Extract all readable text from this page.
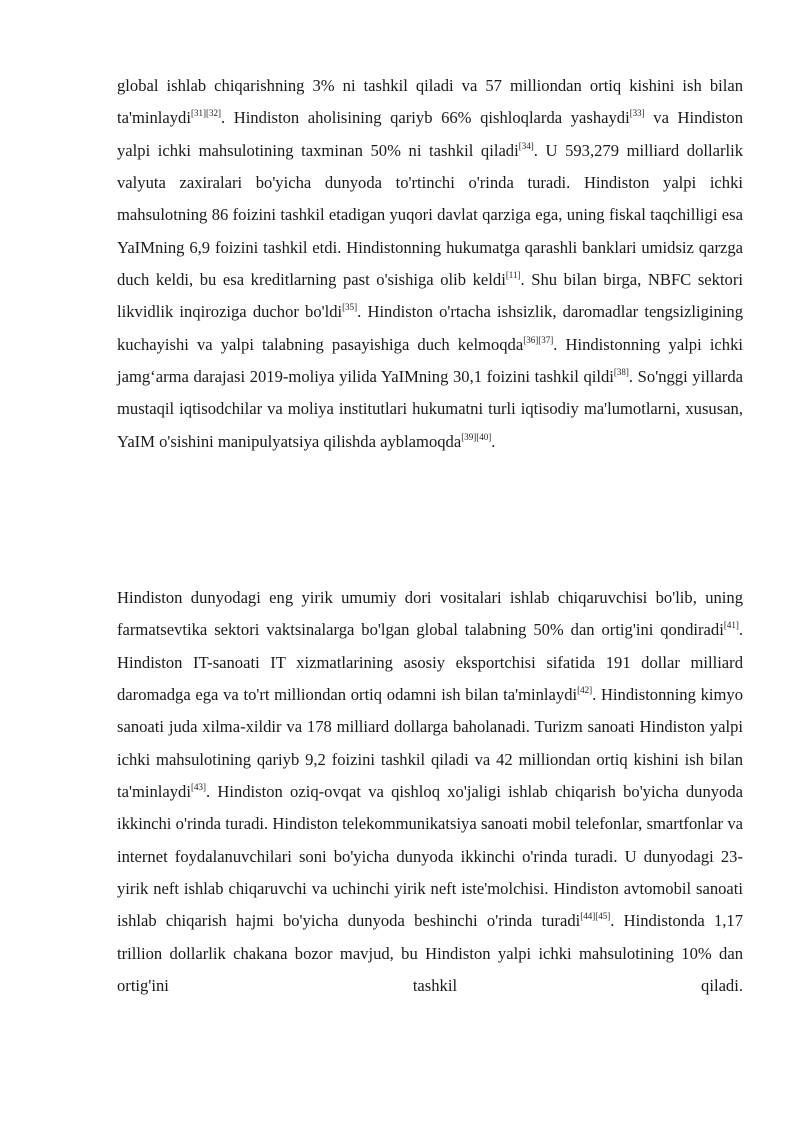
global ishlab chiqarishning 3% ni tashkil qiladi va 57 milliondan ortiq kishini ish bilan ta'minlaydi[31][32]. Hindiston aholisining qariyb 66% qishloqlarda yashaydi[33] va Hindiston yalpi ichki mahsulotining taxminan 50% ni tashkil qiladi[34]. U 593,279 milliard dollarlik valyuta zaxiralari bo'yicha dunyoda to'rtinchi o'rinda turadi. Hindiston yalpi ichki mahsulotning 86 foizini tashkil etadigan yuqori davlat qarziga ega, uning fiskal taqchilligi esa YaIMning 6,9 foizini tashkil etdi. Hindistonning hukumatga qarashli banklari umidsiz qarzga duch keldi, bu esa kreditlarning past o'sishiga olib keldi[11]. Shu bilan birga, NBFC sektori likvidlik inqiroziga duchor bo'ldi[35]. Hindiston o'rtacha ishsizlik, daromadlar tengsizligining kuchayishi va yalpi talabning pasayishiga duch kelmoqda[36][37]. Hindistonning yalpi ichki jamg‘arma darajasi 2019-moliya yilida YaIMning 30,1 foizini tashkil qildi[38]. So'nggi yillarda mustaqil iqtisodchilar va moliya institutlari hukumatni turli iqtisodiy ma'lumotlarni, xususan, YaIM o'sishini manipulyatsiya qilishda ayblamoqda[39][40].

Hindiston dunyodagi eng yirik umumiy dori vositalari ishlab chiqaruvchisi bo'lib, uning farmatsevtika sektori vaktsinalarga bo'lgan global talabning 50% dan ortig'ini qondiradi[41]. Hindiston IT-sanoati IT xizmatlarining asosiy eksportchisi sifatida 191 dollar milliard daromadga ega va to'rt milliondan ortiq odamni ish bilan ta'minlaydi[42]. Hindistonning kimyo sanoati juda xilma-xildir va 178 milliard dollarga baholanadi. Turizm sanoati Hindiston yalpi ichki mahsulotining qariyb 9,2 foizini tashkil qiladi va 42 milliondan ortiq kishini ish bilan ta'minlaydi[43]. Hindiston oziq-ovqat va qishloq xo'jaligi ishlab chiqarish bo'yicha dunyoda ikkinchi o'rinda turadi. Hindiston telekommunikatsiya sanoati mobil telefonlar, smartfonlar va internet foydalanuvchilari soni bo'yicha dunyoda ikkinchi o'rinda turadi. U dunyodagi 23- yirik neft ishlab chiqaruvchi va uchinchi yirik neft iste'molchisi. Hindiston avtomobil sanoati ishlab chiqarish hajmi bo'yicha dunyoda beshinchi o'rinda turadi[44][45]. Hindistonda 1,17 trillion dollarlik chakana bozor mavjud, bu Hindiston yalpi ichki mahsulotining 10% dan ortig'ini tashkil qiladi.
